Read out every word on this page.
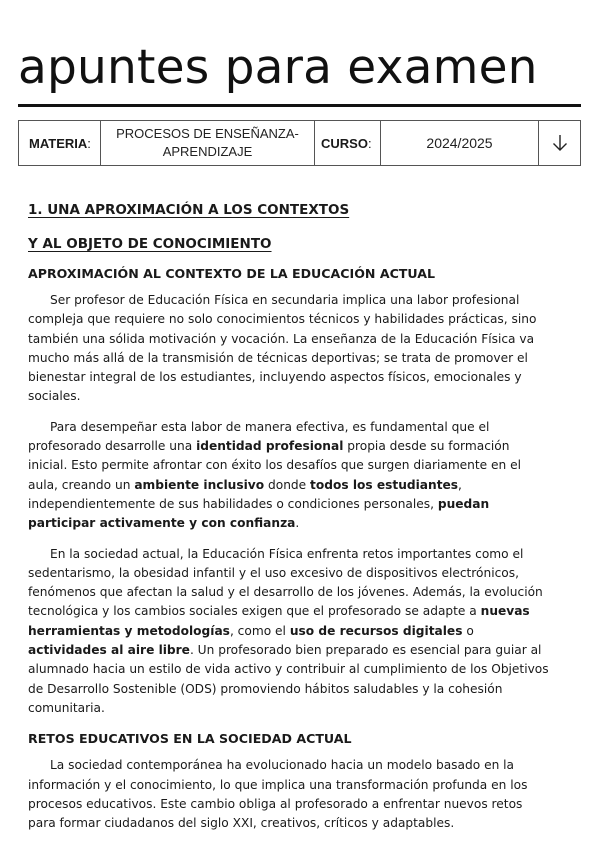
apuntes para examen
MATERIA :
PROCESOS DE ENSEÑANZA-APRENDIZAJE
CURSO :	2024/2025
1. UNA APROXIMACIÓN A LOS CONTEXTOS
Y AL OBJETO DE CONOCIMIENTO
APROXIMACIÓN AL CONTEXTO DE LA EDUCACIÓN ACTUAL

Ser profesor de Educación Física en secundaria implica una labor profesional compleja que requiere no solo conocimientos técnicos y habilidades prácticas, sino también una sólida motivación y vocación. La enseñanza de la Educación Física va mucho más allá de la transmisión de técnicas deportivas; se trata de promover el bienestar integral de los estudiantes, incluyendo aspectos físicos, emocionales y sociales.

Para desempeñar esta labor de manera efectiva, es fundamental que el profesorado desarrolle una identidad profesional propia desde su formación inicial. Esto permite afrontar con éxito los desafíos que surgen diariamente en el aula, creando un ambiente inclusivo donde todos los estudiantes, independientemente de sus habilidades o condiciones personales, puedan participar activamente y con confianza.

En la sociedad actual, la Educación Física enfrenta retos importantes como el sedentarismo, la obesidad infantil y el uso excesivo de dispositivos electrónicos, fenómenos que afectan la salud y el desarrollo de los jóvenes. Además, la evolución tecnológica y los cambios sociales exigen que el profesorado se adapte a nuevas herramientas y metodologías, como el uso de recursos digitales o actividades al aire libre. Un profesorado bien preparado es esencial para guiar al alumnado hacia un estilo de vida activo y contribuir al cumplimiento de los Objetivos de Desarrollo Sostenible (ODS) promoviendo hábitos saludables y la cohesión comunitaria.

RETOS EDUCATIVOS EN LA SOCIEDAD ACTUAL

La sociedad contemporánea ha evolucionado hacia un modelo basado en la información y el conocimiento, lo que implica una transformación profunda en los procesos educativos. Este cambio obliga al profesorado a enfrentar nuevos retos para formar ciudadanos del siglo XXI, creativos, críticos y adaptables.
